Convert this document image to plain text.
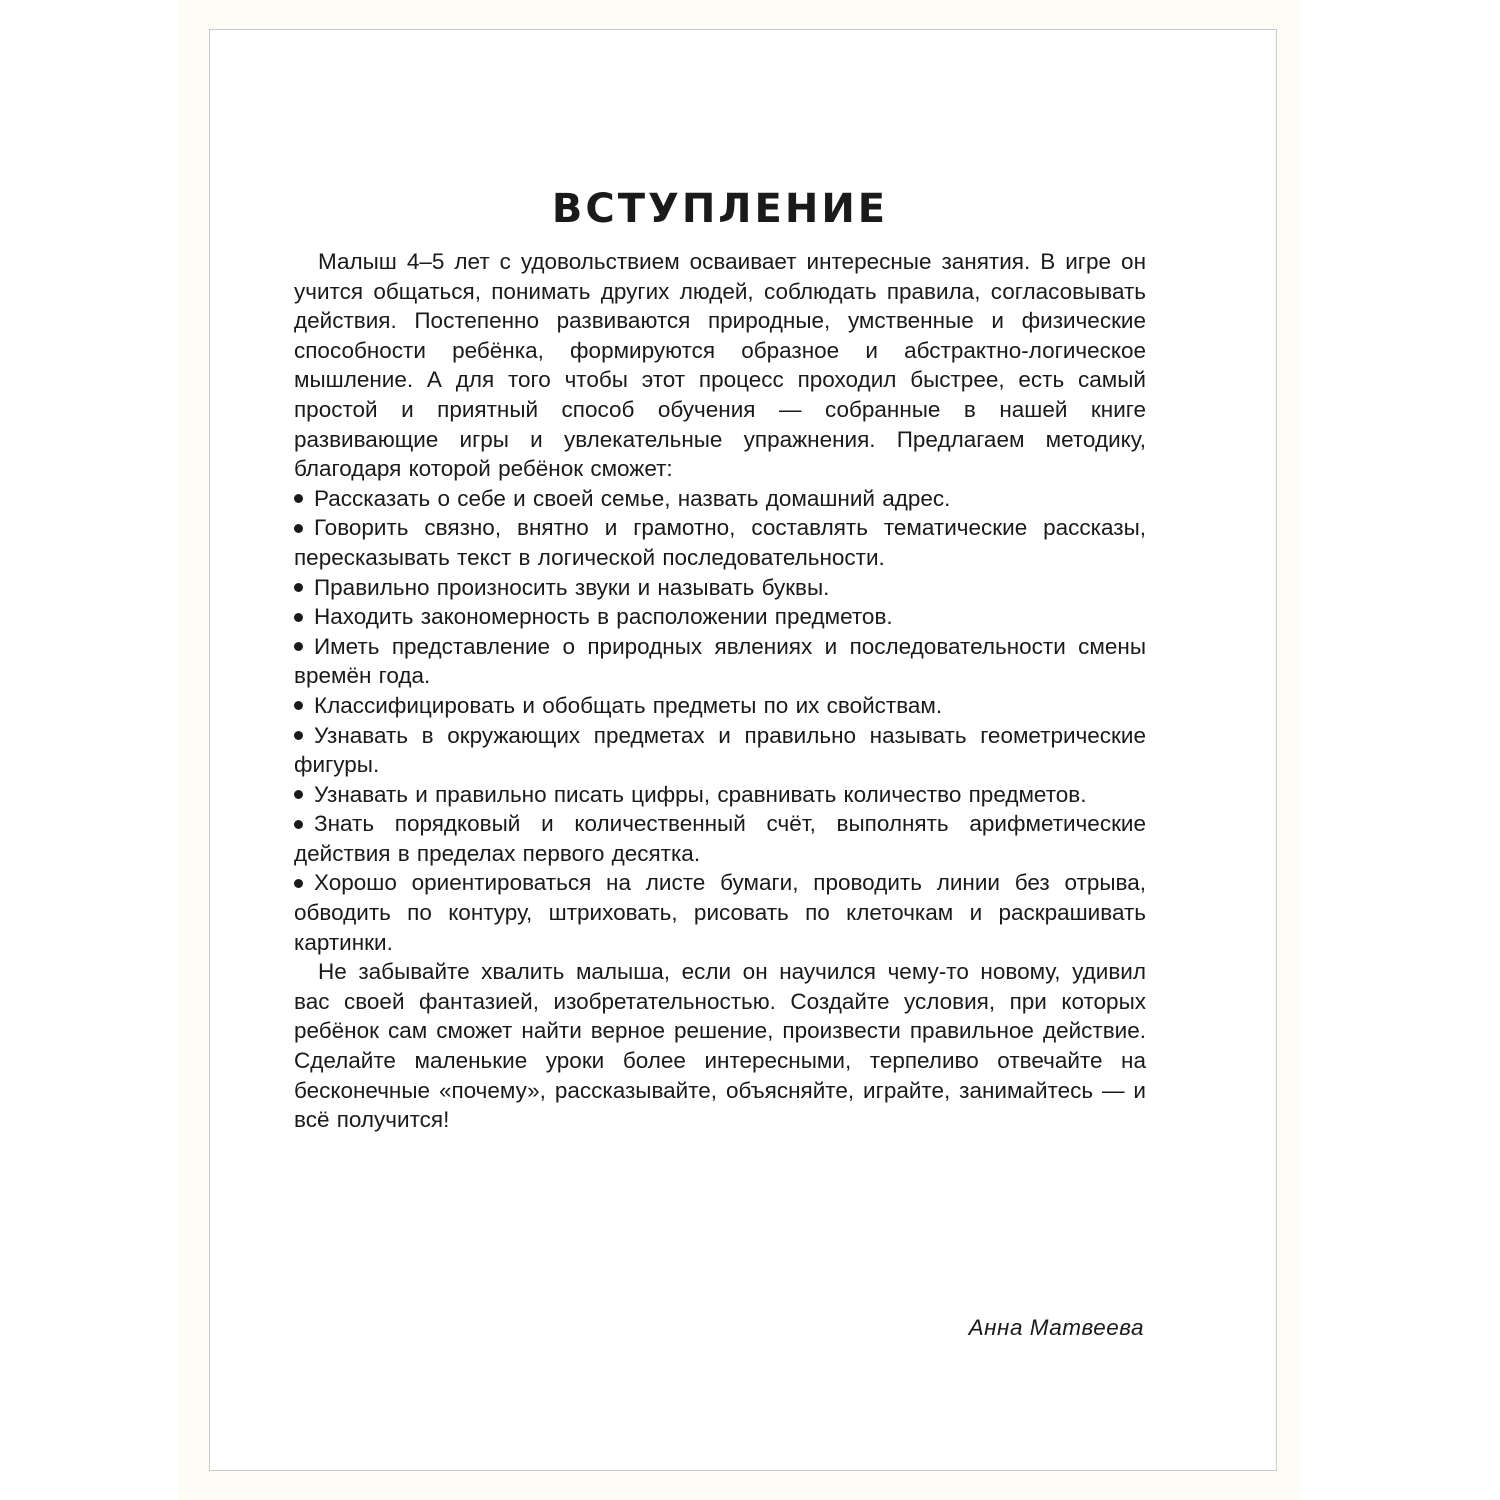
ВСТУПЛЕНИЕ

Малыш 4–5 лет с удовольствием осваивает интересные занятия. В игре он учится общаться, понимать других людей, соблюдать правила, согласовывать действия. Постепенно развиваются природные, умственные и физические способности ребёнка, формируются образное и абстрактно-логическое мышление. А для того чтобы этот процесс проходил быстрее, есть самый простой и приятный способ обучения — собранные в нашей книге развивающие игры и увлекательные упражнения. Предлагаем методику, благодаря которой ребёнок сможет:

Рассказать о себе и своей семье, назвать домашний адрес.
Говорить связно, внятно и грамотно, составлять тематические рассказы, пересказывать текст в логической последовательности.
Правильно произносить звуки и называть буквы.
Находить закономерность в расположении предметов.
Иметь представление о природных явлениях и последовательности смены времён года.
Классифицировать и обобщать предметы по их свойствам.
Узнавать в окружающих предметах и правильно называть геометрические фигуры.
Узнавать и правильно писать цифры, сравнивать количество предметов.
Знать порядковый и количественный счёт, выполнять арифметические действия в пределах первого десятка.
Хорошо ориентироваться на листе бумаги, проводить линии без отрыва, обводить по контуру, штриховать, рисовать по клеточкам и раскрашивать картинки.

Не забывайте хвалить малыша, если он научился чему-то новому, удивил вас своей фантазией, изобретательностью. Создайте условия, при которых ребёнок сам сможет найти верное решение, произвести правильное действие. Сделайте маленькие уроки более интересными, терпеливо отвечайте на бесконечные «почему», рассказывайте, объясняйте, играйте, занимайтесь — и всё получится!

Анна Матвеева
